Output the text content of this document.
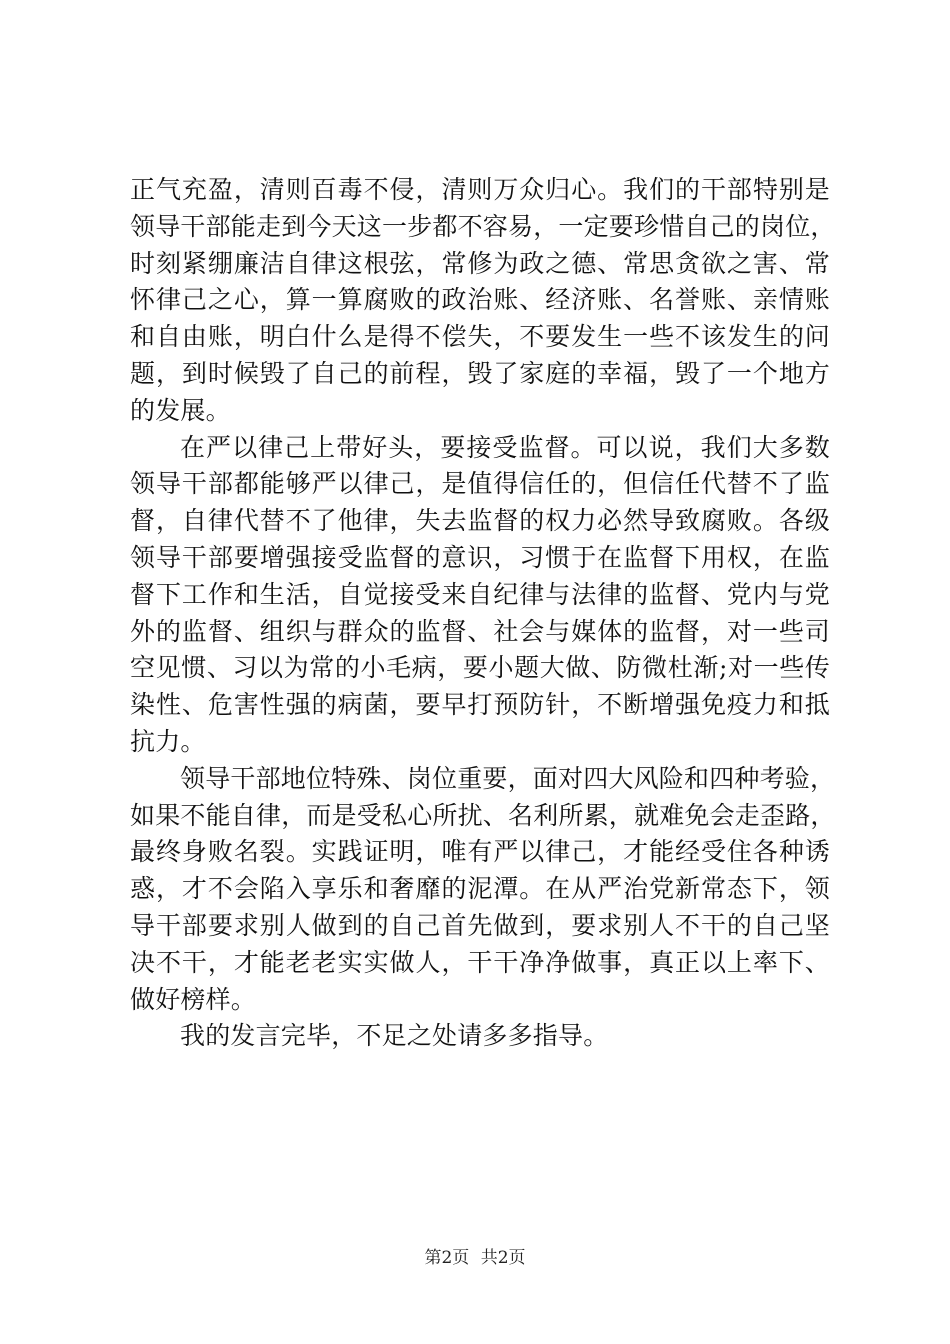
正气充盈，清则百毒不侵，清则万众归心。我们的干部特别是
领导干部能走到今天这一步都不容易，一定要珍惜自己的岗位，
时刻紧绷廉洁自律这根弦，常修为政之德、常思贪欲之害、常
怀律己之心，算一算腐败的政治账、经济账、名誉账、亲情账
和自由账，明白什么是得不偿失，不要发生一些不该发生的问
题，到时候毁了自己的前程，毁了家庭的幸福，毁了一个地方
的发展。
在严以律己上带好头，要接受监督。可以说，我们大多数
领导干部都能够严以律己，是值得信任的，但信任代替不了监
督，自律代替不了他律，失去监督的权力必然导致腐败。各级
领导干部要增强接受监督的意识，习惯于在监督下用权，在监
督下工作和生活，自觉接受来自纪律与法律的监督、党内与党
外的监督、组织与群众的监督、社会与媒体的监督，对一些司
空见惯、习以为常的小毛病，要小题大做、防微杜渐;对一些传
染性、危害性强的病菌，要早打预防针，不断增强免疫力和抵
抗力。
领导干部地位特殊、岗位重要，面对四大风险和四种考验，
如果不能自律，而是受私心所扰、名利所累，就难免会走歪路，
最终身败名裂。实践证明，唯有严以律己，才能经受住各种诱
惑，才不会陷入享乐和奢靡的泥潭。在从严治党新常态下，领
导干部要求别人做到的自己首先做到，要求别人不干的自己坚
决不干，才能老老实实做人，干干净净做事，真正以上率下、
做好榜样。
我的发言完毕，不足之处请多多指导。
第2页 共2页
